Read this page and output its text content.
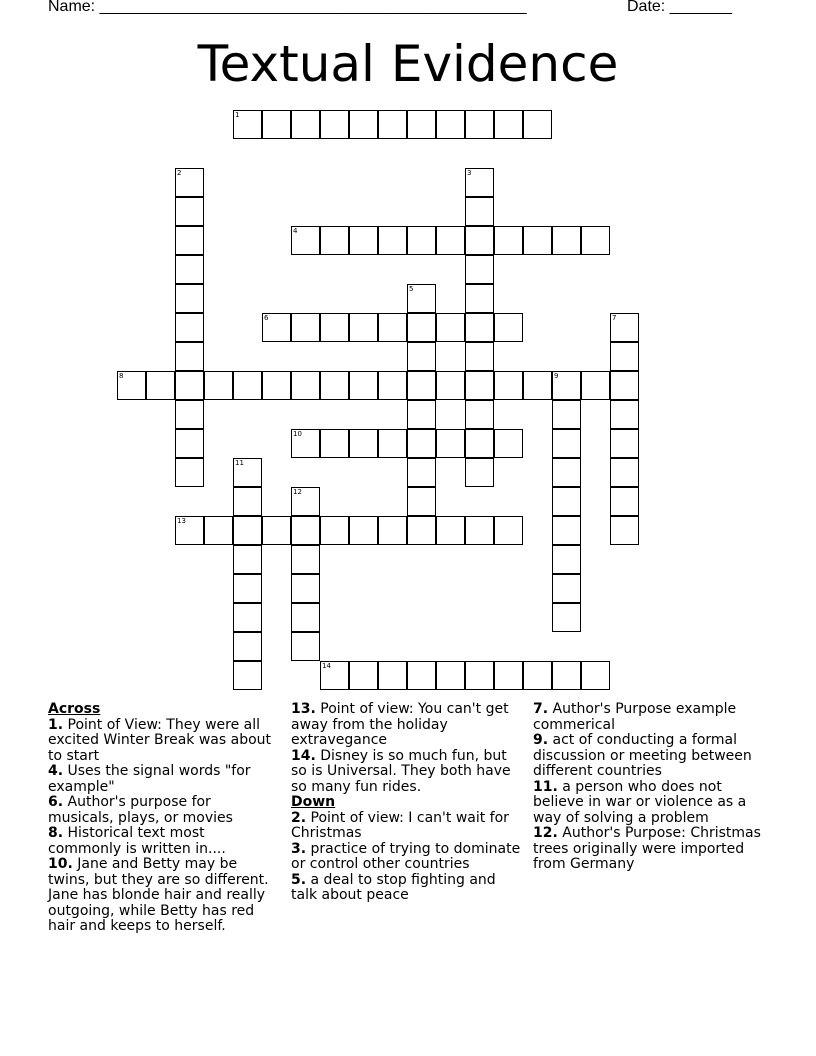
Name: ________________________________________________	Date: _______
Textual Evidence
1
2	3
4
5
6	7
8	9
10
11
12
13
14
Across
1. Point of View: They were all excited Winter Break was about to start
4. Uses the signal words "for example"
6. Author's purpose for musicals, plays, or movies
8. Historical text most commonly is written in....
10. Jane and Betty may be twins, but they are so different. Jane has blonde hair and really outgoing, while Betty has red hair and keeps to herself.
13. Point of view: You can't get away from the holiday extravegance
14. Disney is so much fun, but so is Universal. They both have so many fun rides.
Down
2. Point of view: I can't wait for Christmas
3. practice of trying to dominate or control other countries
5. a deal to stop fighting and talk about peace
7. Author's Purpose example commerical
9. act of conducting a formal discussion or meeting between different countries
11. a person who does not believe in war or violence as a way of solving a problem
12. Author's Purpose: Christmas trees originally were imported from Germany
